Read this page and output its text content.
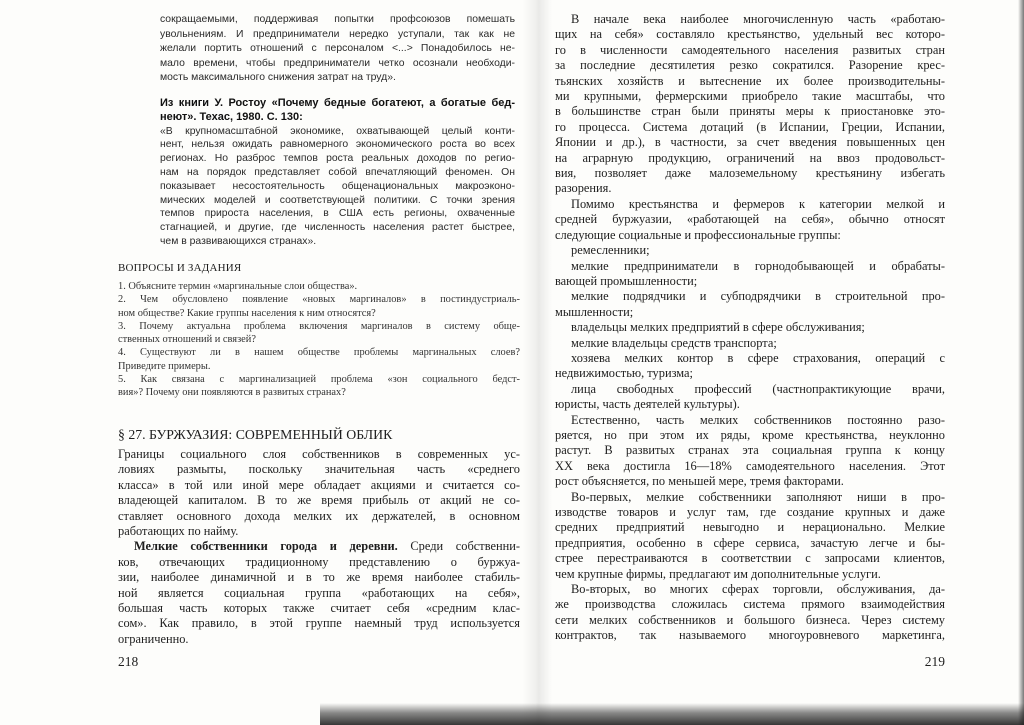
сокращаемыми, поддерживая попытки профсоюзов помешать
увольнениям. И предприниматели нередко уступали, так как не
желали портить отношений с персоналом <...> Понадобилось не-
мало времени, чтобы предприниматели четко осознали необходи-
мость максимального снижения затрат на труд».
Из книги У. Ростоу «Почему бедные богатеют, а богатые бед-
неют». Техас, 1980. С. 130:
«В крупномасштабной экономике, охватывающей целый конти-
нент, нельзя ожидать равномерного экономического роста во всех
регионах. Но разброс темпов роста реальных доходов по регио-
нам на порядок представляет собой впечатляющий феномен. Он
показывает несостоятельность общенациональных макроэконо-
мических моделей и соответствующей политики. С точки зрения
темпов прироста населения, в США есть регионы, охваченные
стагнацией, и другие, где численность населения растет быстрее,
чем в развивающихся странах».
ВОПРОСЫ И ЗАДАНИЯ
1. Объясните термин «маргинальные слои общества».
2. Чем обусловлено появление «новых маргиналов» в постиндустриаль-
ном обществе? Какие группы населения к ним относятся?
3. Почему актуальна проблема включения маргиналов в систему обще-
ственных отношений и связей?
4. Существуют ли в нашем обществе проблемы маргинальных слоев?
Приведите примеры.
5. Как связана с маргинализацией проблема «зон социального бедст-
вия»? Почему они появляются в развитых странах?
§ 27. БУРЖУАЗИЯ: СОВРЕМЕННЫЙ ОБЛИК
Границы социального слоя собственников в современных ус-
ловиях размыты, поскольку значительная часть «среднего
класса» в той или иной мере обладает акциями и считается со-
владеющей капиталом. В то же время прибыль от акций не со-
ставляет основного дохода мелких их держателей, в основном
работающих по найму.
Мелкие собственники города и деревни. Среди собственни-
ков, отвечающих традиционному представлению о буржуа-
зии, наиболее динамичной и в то же время наиболее стабиль-
ной является социальная группа «работающих на себя»,
большая часть которых также считает себя «средним клас-
сом». Как правило, в этой группе наемный труд используется
ограниченно.
218
В начале века наиболее многочисленную часть «работаю-
щих на себя» составляло крестьянство, удельный вес которо-
го в численности самодеятельного населения развитых стран
за последние десятилетия резко сократился. Разорение крес-
тьянских хозяйств и вытеснение их более производительны-
ми крупными, фермерскими приобрело такие масштабы, что
в большинстве стран были приняты меры к приостановке это-
го процесса. Система дотаций (в Испании, Греции, Испании,
Японии и др.), в частности, за счет введения повышенных цен
на аграрную продукцию, ограничений на ввоз продовольст-
вия, позволяет даже малоземельному крестьянину избегать
разорения.
Помимо крестьянства и фермеров к категории мелкой и
средней буржуазии, «работающей на себя», обычно относят
следующие социальные и профессиональные группы:
ремесленники;
мелкие предприниматели в горнодобывающей и обрабаты-
вающей промышленности;
мелкие подрядчики и субподрядчики в строительной про-
мышленности;
владельцы мелких предприятий в сфере обслуживания;
мелкие владельцы средств транспорта;
хозяева мелких контор в сфере страхования, операций с
недвижимостью, туризма;
лица свободных профессий (частнопрактикующие врачи,
юристы, часть деятелей культуры).
Естественно, часть мелких собственников постоянно разо-
ряется, но при этом их ряды, кроме крестьянства, неуклонно
растут. В развитых странах эта социальная группа к концу
XX века достигла 16—18% самодеятельного населения. Этот
рост объясняется, по меньшей мере, тремя факторами.
Во-первых, мелкие собственники заполняют ниши в про-
изводстве товаров и услуг там, где создание крупных и даже
средних предприятий невыгодно и нерационально. Мелкие
предприятия, особенно в сфере сервиса, зачастую легче и бы-
стрее перестраиваются в соответствии с запросами клиентов,
чем крупные фирмы, предлагают им дополнительные услуги.
Во-вторых, во многих сферах торговли, обслуживания, да-
же производства сложилась система прямого взаимодействия
сети мелких собственников и большого бизнеса. Через систему
контрактов, так называемого многоуровневого маркетинга,
219
